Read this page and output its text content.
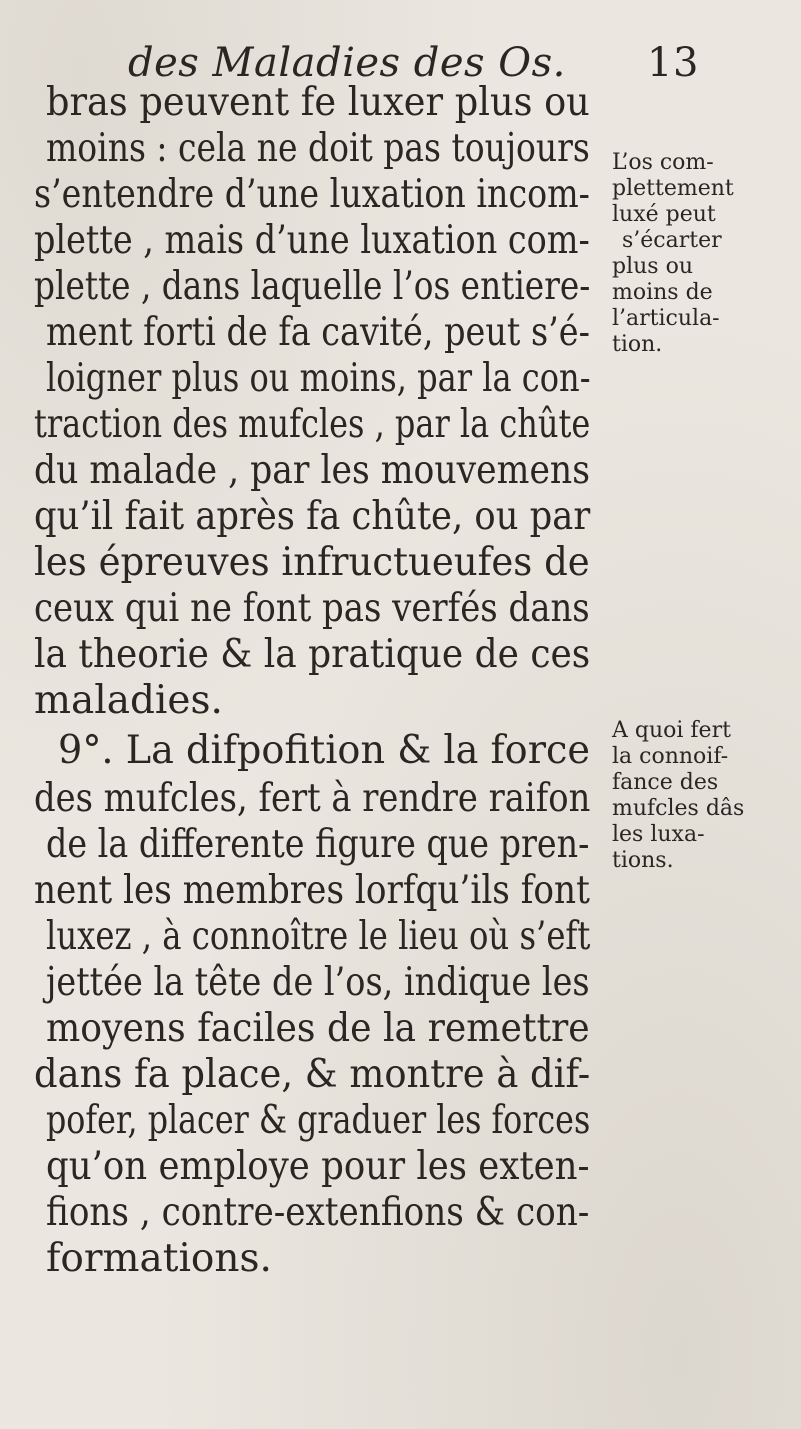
des Maladies des Os. 13
bras peuvent fe luxer plus ou
moins : cela ne doit pas toujours
s’entendre d’une luxation incom-
plette , mais d’une luxation com-
plette , dans laquelle l’os entiere-
ment forti de fa cavité, peut s’é-
loigner plus ou moins, par la con-
traction des mufcles , par la chûte
du malade , par les mouvemens
qu’il fait après fa chûte, ou par
les épreuves infructueufes de
ceux qui ne font pas verfés dans
la theorie & la pratique de ces
maladies.
9°. La difpofition & la force
des mufcles, fert à rendre raifon
de la differente figure que pren-
nent les membres lorfqu’ils font
luxez , à connoître le lieu où s’eft
jettée la tête de l’os, indique les
moyens faciles de la remettre
dans fa place, & montre à dif-
pofer, placer & graduer les forces
qu’on employe pour les exten-
fions , contre-extenfions & con-
formations.
L’os com-
plettement
luxé peut
s’écarter
plus ou
moins de
l’articula-
tion.
A quoi fert
la connoif-
fance des
mufcles dâs
les luxa-
tions.
